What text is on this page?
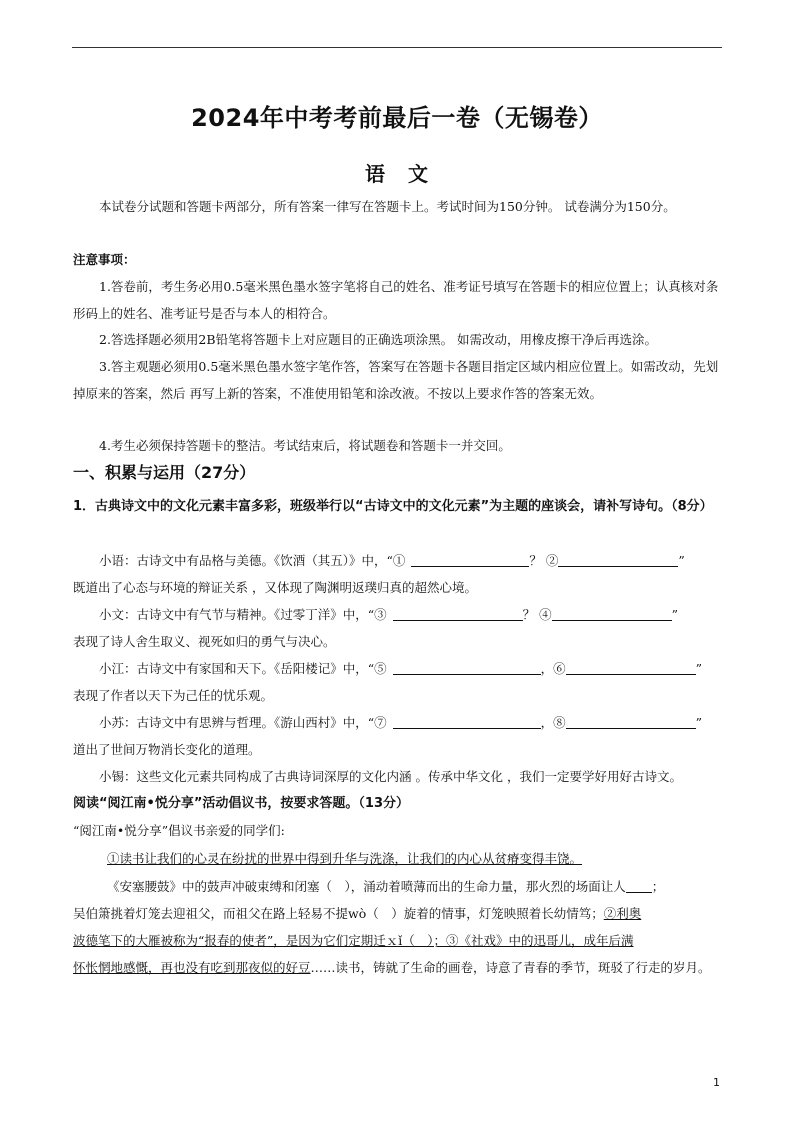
2024年中考考前最后一卷（无锡卷）
语 文
本试卷分试题和答题卡两部分，所有答案一律写在答题卡上。考试时间为150分钟。 试卷满分为150分。
注意事项：
1.答卷前，考生务必用0.5毫米黑色墨水签字笔将自己的姓名、准考证号填写在答题卡的相应位置上；认真核对条形码上的姓名、准考证号是否与本人的相符合。
2.答选择题必须用2B铅笔将答题卡上对应题目的正确选项涂黑。 如需改动，用橡皮擦干净后再选涂。
3.答主观题必须用0.5毫米黑色墨水签字笔作答，答案写在答题卡各题目指定区域内相应位置上。如需改动，先划掉原来的答案，然后 再写上新的答案，不准使用铅笔和涂改液。不按以上要求作答的答案无效。
4.考生必须保持答题卡的整洁。考试结束后，将试题卷和答题卡一并交回。
一、积累与运用（27分）
1．古典诗文中的文化元素丰富多彩，班级举行以“古诗文中的文化元素”为主题的座谈会，请补写诗句。（8分）
小语：古诗文中有品格与美德。《饮酒（其五）》中，“①	？ ②	”
既道出了心态与环境的辩证关系 ，又体现了陶渊明返璞归真的超然心境。
小文：古诗文中有气节与精神。《过零丁洋》中，“③	？ ④	”
表现了诗人舍生取义、视死如归的勇气与决心。
小江：古诗文中有家国和天下。《岳阳楼记》中，“⑤	，⑥	”
表现了作者以天下为己任的忧乐观。
小苏：古诗文中有思辨与哲理。《游山西村》中，“⑦	，⑧	”
道出了世间万物消长变化的道理。
小锡：这些文化元素共同构成了古典诗词深厚的文化内涵 。传承中华文化 ，我们一定要学好用好古诗文。
阅读“阅江南•悦分享”活动倡议书，按要求答题。（13分）
“阅江南•悦分享”倡议书亲爱的同学们:
①读书让我们的心灵在纷扰的世界中得到升华与洗涤，让我们的内心从贫瘠变得丰饶。
《安塞腰鼓》中的鼓声冲破束缚和闭塞（　），涌动着喷薄而出的生命力量，那火烈的场面让人 ；
吴伯箫挑着灯笼去迎祖父，而祖父在路上轻易不提wò（　）旋着的情事，灯笼映照着长幼情笃；②利奥
波德笔下的大雁被称为“报春的使者”，是因为它们定期迁ｘǐ（　）；③《社戏》中的迅哥儿，成年后满
怀怅惘地感慨，再也没有吃到那夜似的好豆……读书，铸就了生命的画卷，诗意了青春的季节，斑驳了行走的岁月。
1
